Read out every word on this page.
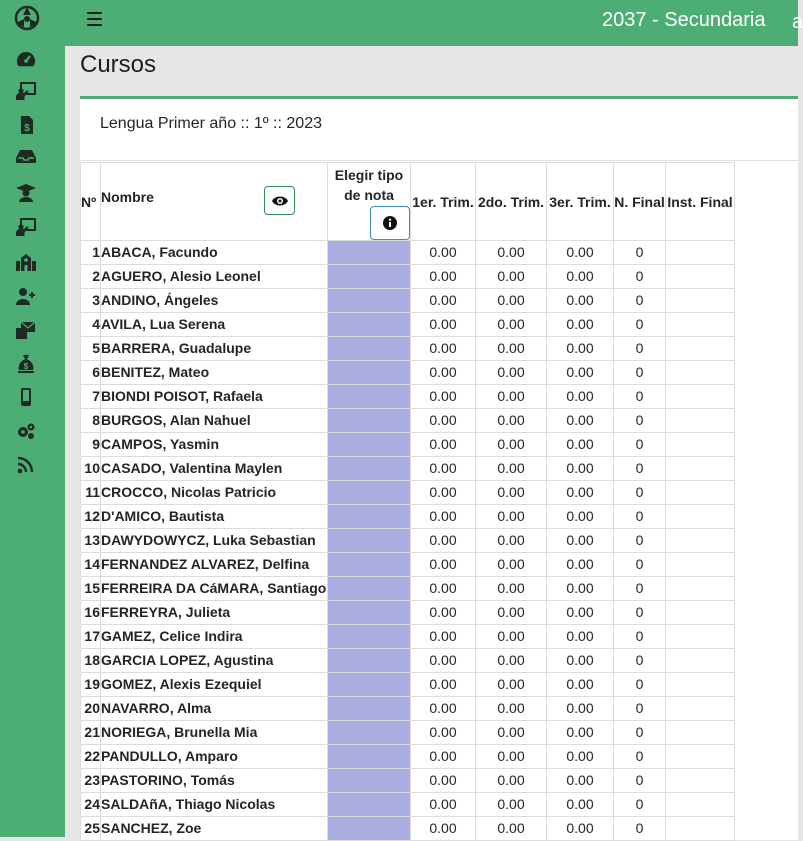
$
$
2037 - Secundaria a
Cursos
Lengua Primer año :: 1º :: 2023
Nº	Nombre	Elegir tipo de nota	1er. Trim.	2do. Trim.	3er. Trim.	N. Final	Inst. Final
1	ABACA, Facundo		0.00	0.00	0.00	0	
2	AGUERO, Alesio Leonel		0.00	0.00	0.00	0	
3	ANDINO, Ángeles		0.00	0.00	0.00	0	
4	AVILA, Lua Serena		0.00	0.00	0.00	0	
5	BARRERA, Guadalupe		0.00	0.00	0.00	0	
6	BENITEZ, Mateo		0.00	0.00	0.00	0	
7	BIONDI POISOT, Rafaela		0.00	0.00	0.00	0	
8	BURGOS, Alan Nahuel		0.00	0.00	0.00	0	
9	CAMPOS, Yasmin		0.00	0.00	0.00	0	
10	CASADO, Valentina Maylen		0.00	0.00	0.00	0	
11	CROCCO, Nicolas Patricio		0.00	0.00	0.00	0	
12	D'AMICO, Bautista		0.00	0.00	0.00	0	
13	DAWYDOWYCZ, Luka Sebastian		0.00	0.00	0.00	0	
14	FERNANDEZ ALVAREZ, Delfina		0.00	0.00	0.00	0	
15	FERREIRA DA CáMARA, Santiago		0.00	0.00	0.00	0	
16	FERREYRA, Julieta		0.00	0.00	0.00	0	
17	GAMEZ, Celice Indira		0.00	0.00	0.00	0	
18	GARCIA LOPEZ, Agustina		0.00	0.00	0.00	0	
19	GOMEZ, Alexis Ezequiel		0.00	0.00	0.00	0	
20	NAVARRO, Alma		0.00	0.00	0.00	0	
21	NORIEGA, Brunella Mia		0.00	0.00	0.00	0	
22	PANDULLO, Amparo		0.00	0.00	0.00	0	
23	PASTORINO, Tomás		0.00	0.00	0.00	0	
24	SALDAñA, Thiago Nicolas		0.00	0.00	0.00	0	
25	SANCHEZ, Zoe		0.00	0.00	0.00	0	
